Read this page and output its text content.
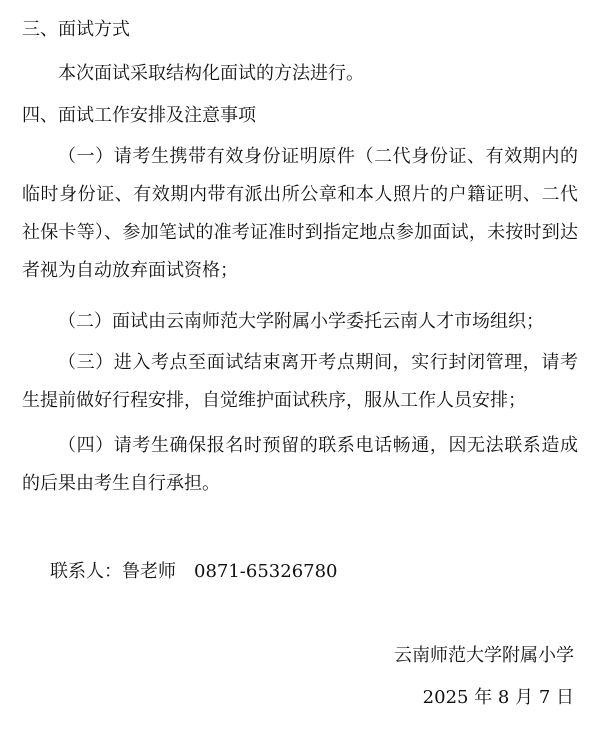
三、面试方式

本次面试采取结构化面试的方法进行。

四、面试工作安排及注意事项

（一）请考生携带有效身份证明原件（二代身份证、有效期内的临时身份证、有效期内带有派出所公章和本人照片的户籍证明、二代社保卡等）、参加笔试的准考证准时到指定地点参加面试，未按时到达者视为自动放弃面试资格；

（二）面试由云南师范大学附属小学委托云南人才市场组织；

（三）进入考点至面试结束离开考点期间，实行封闭管理，请考生提前做好行程安排，自觉维护面试秩序，服从工作人员安排；

（四）请考生确保报名时预留的联系电话畅通，因无法联系造成的后果由考生自行承担。

联系人：鲁老师 0871-65326780

云南师范大学附属小学

2025 年 8 月 7 日
